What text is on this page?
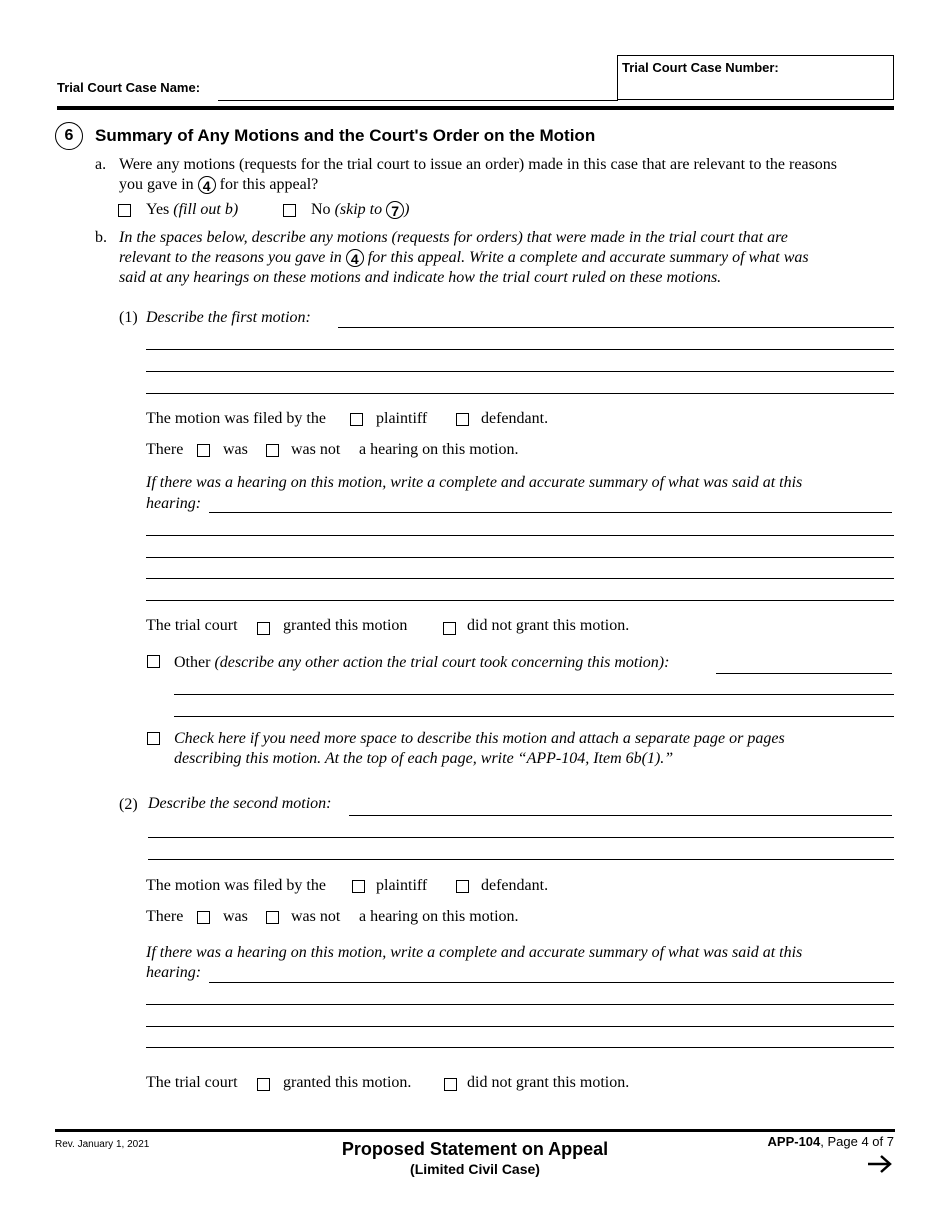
Trial Court Case Name:
Trial Court Case Number:
6	Summary of Any Motions and the Court's Order on the Motion
a. Were any motions (requests for the trial court to issue an order) made in this case that are relevant to the reasons
you gave in 4 for this appeal?
Yes (fill out b)	No (skip to 7 )
b. In the spaces below, describe any motions (requests for orders) that were made in the trial court that are
relevant to the reasons you gave in 4 for this appeal. Write a complete and accurate summary of what was
said at any hearings on these motions and indicate how the trial court ruled on these motions.
(1) Describe the first motion:
The motion was filed by the	plaintiff	defendant.
There was	was not a hearing on this motion.
If there was a hearing on this motion, write a complete and accurate summary of what was said at this
hearing:
The trial court	granted this motion	did not grant this motion.
Other (describe any other action the trial court took concerning this motion):
Check here if you need more space to describe this motion and attach a separate page or pages
describing this motion. At the top of each page, write “APP-104, Item 6b(1).”
(2) Describe the second motion:
The motion was filed by the	plaintiff	defendant.
There was	was not a hearing on this motion.
If there was a hearing on this motion, write a complete and accurate summary of what was said at this
hearing:
The trial court	granted this motion.	did not grant this motion.
Rev. January 1, 2021	Proposed Statement on Appeal
(Limited Civil Case)
APP-104, Page 4 of 7
